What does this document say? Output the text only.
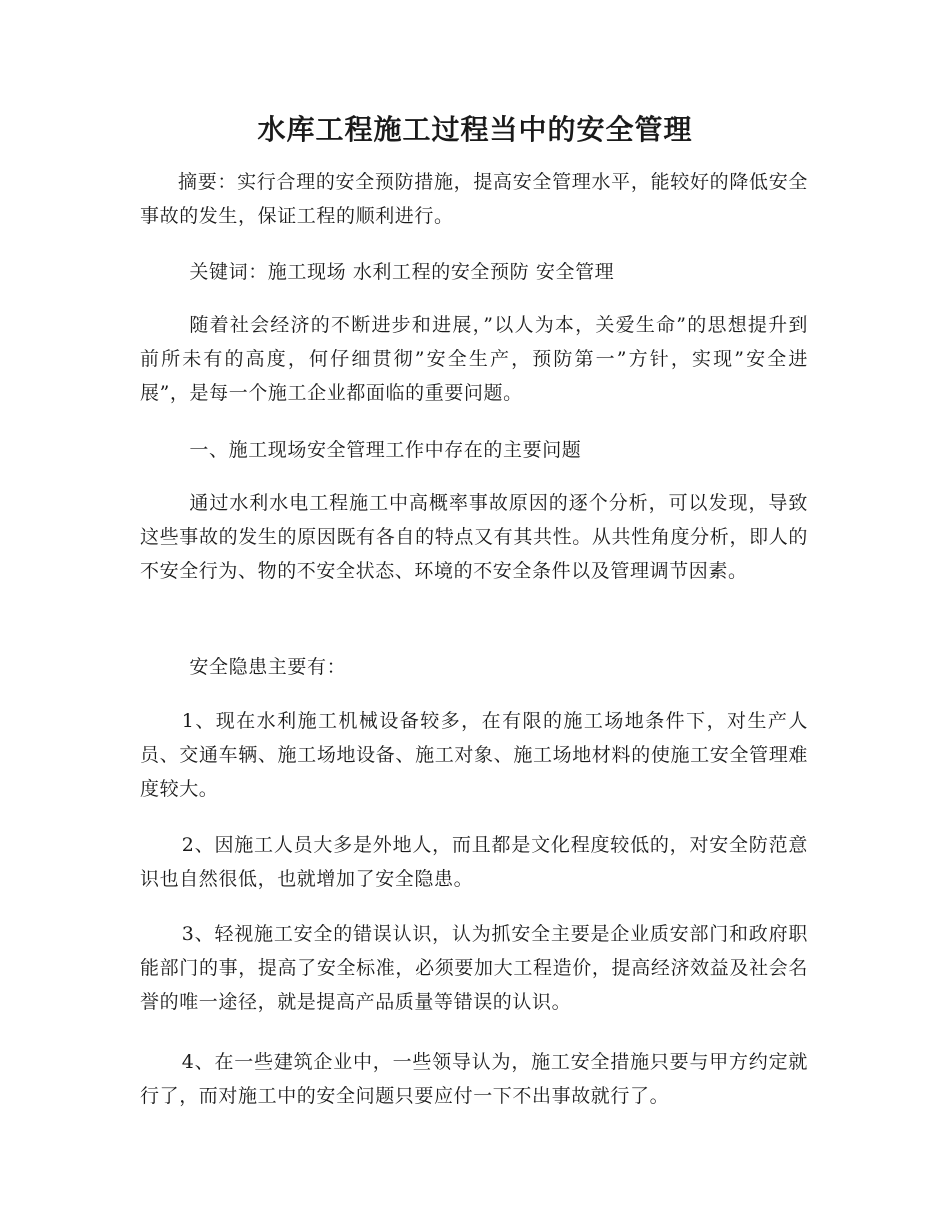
水库工程施工过程当中的安全管理
摘要：实行合理的安全预防措施，提高安全管理水平，能较好的降低安全事故的发生，保证工程的顺利进行。
关键词：施工现场 水利工程的安全预防 安全管理
随着社会经济的不断进步和进展，”以人为本，关爱生命”的思想提升到前所未有的高度，何仔细贯彻”安全生产，预防第一”方针，实现”安全进展”，是每一个施工企业都面临的重要问题。
一、施工现场安全管理工作中存在的主要问题
通过水利水电工程施工中高概率事故原因的逐个分析，可以发现，导致这些事故的发生的原因既有各自的特点又有其共性。从共性角度分析，即人的不安全行为、物的不安全状态、环境的不安全条件以及管理调节因素。
安全隐患主要有：
1、现在水利施工机械设备较多，在有限的施工场地条件下，对生产人员、交通车辆、施工场地设备、施工对象、施工场地材料的使施工安全管理难度较大。
2、因施工人员大多是外地人，而且都是文化程度较低的，对安全防范意识也自然很低，也就增加了安全隐患。
3、轻视施工安全的错误认识，认为抓安全主要是企业质安部门和政府职能部门的事，提高了安全标准，必须要加大工程造价，提高经济效益及社会名誉的唯一途径，就是提高产品质量等错误的认识。
4、在一些建筑企业中，一些领导认为，施工安全措施只要与甲方约定就行了，而对施工中的安全问题只要应付一下不出事故就行了。
